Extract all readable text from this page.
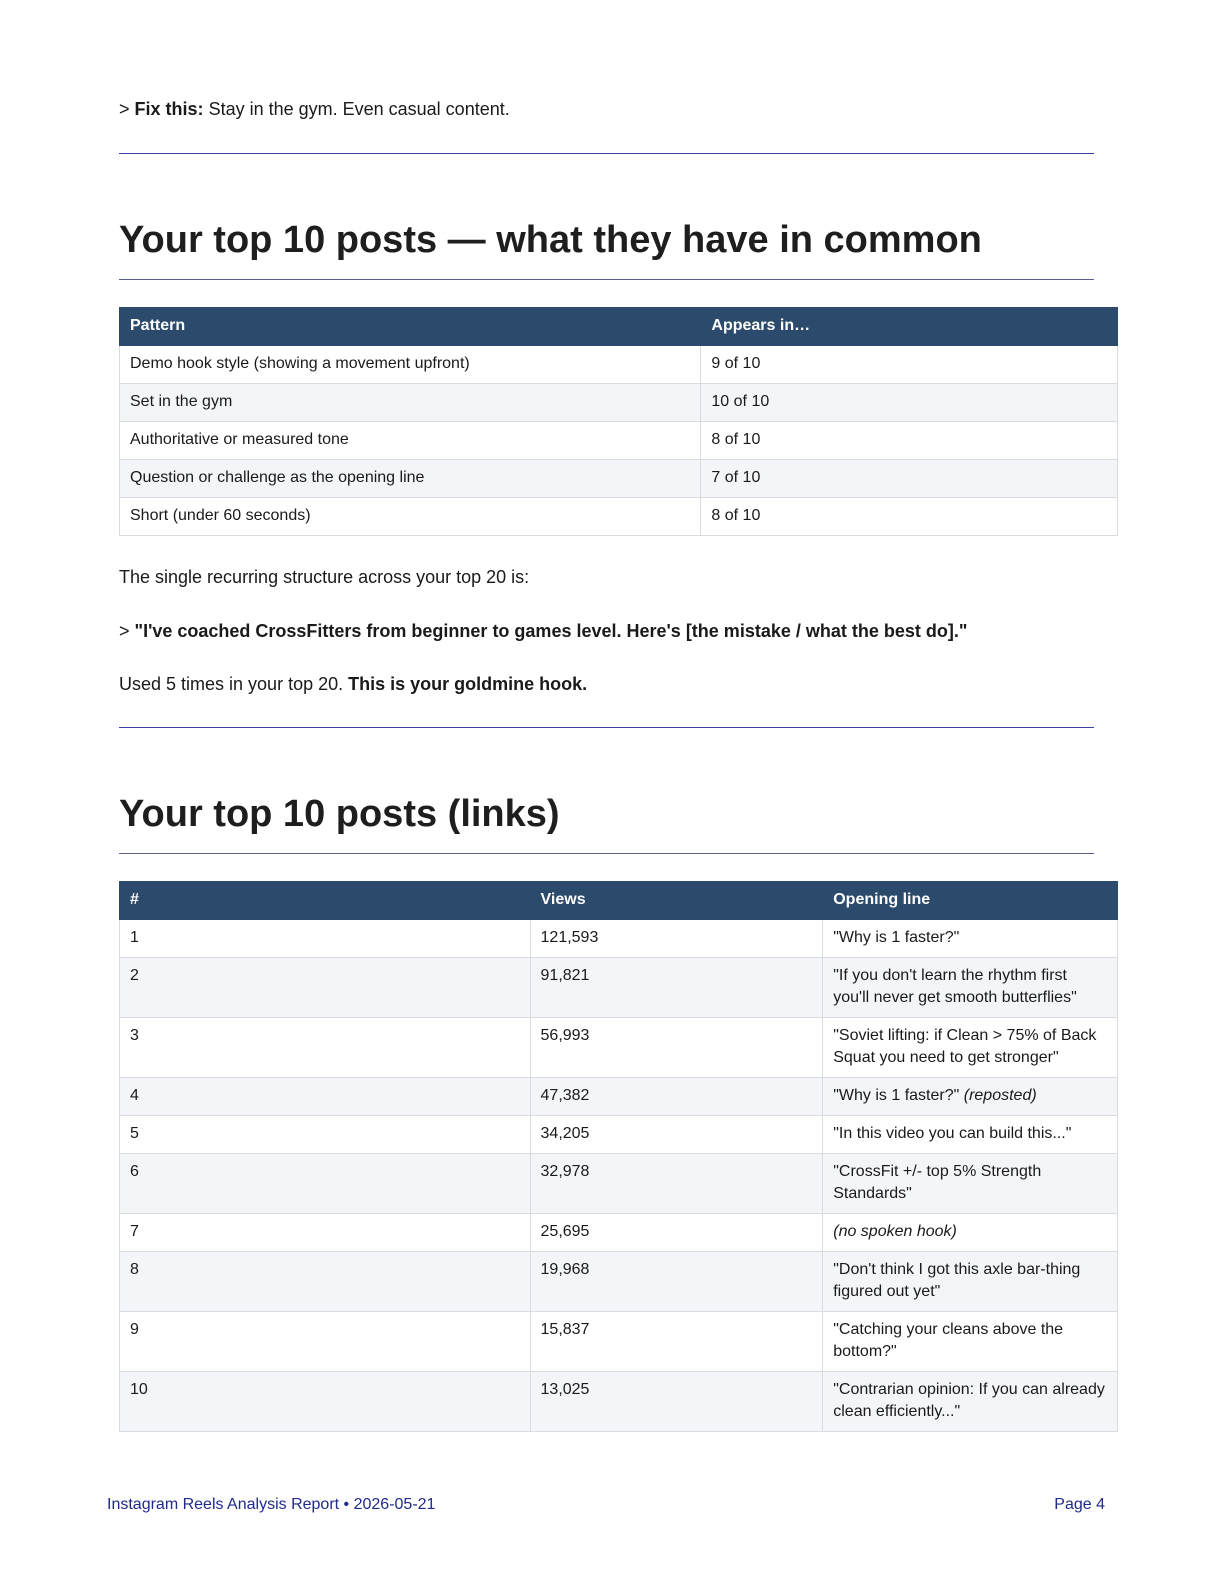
> Fix this: Stay in the gym. Even casual content.

Your top 10 posts — what they have in common
Pattern	Appears in…
Demo hook style (showing a movement upfront)	9 of 10
Set in the gym	10 of 10
Authoritative or measured tone	8 of 10
Question or challenge as the opening line	7 of 10
Short (under 60 seconds)	8 of 10

The single recurring structure across your top 20 is:

> "I've coached CrossFitters from beginner to games level. Here's [the mistake / what the best do]."

Used 5 times in your top 20. This is your goldmine hook.

Your top 10 posts (links)
#	Views	Opening line
1	121,593	"Why is 1 faster?"
2	91,821	"If you don't learn the rhythm first you'll never get smooth butterflies"
3	56,993	"Soviet lifting: if Clean > 75% of Back Squat you need to get stronger"
4	47,382	"Why is 1 faster?" (reposted)
5	34,205	"In this video you can build this..."
6	32,978	"CrossFit +/- top 5% Strength Standards"
7	25,695	(no spoken hook)
8	19,968	"Don't think I got this axle bar-thing figured out yet"
9	15,837	"Catching your cleans above the bottom?"
10	13,025	"Contrarian opinion: If you can already clean efficiently..."
Instagram Reels Analysis Report • 2026-05-21	Page 4
